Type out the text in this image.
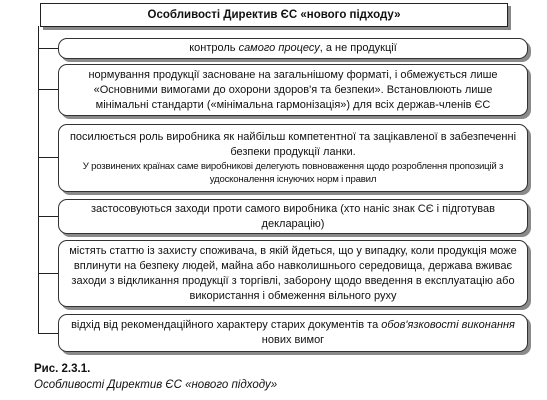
Особливості Директив ЄС «нового підходу»

контроль самого процесу, а не продукції

нормування продукції засноване на загальнішому форматі, і обмежується лише «Основними вимогами до охорони здоров'я та безпеки». Встановлюють лише мінімальні стандарти («мінімальна гармонізація») для всіх держав-членів ЄС

посилюється роль виробника як найбільш компетентної та зацікавленої в забезпеченні безпеки продукції ланки.

У розвинених країнах саме виробникові делегують повноваження щодо розроблення пропозицій з удосконалення існуючих норм і правил

застосовуються заходи проти самого виробника (хто наніс знак СЄ і підготував декларацію)

містять статтю із захисту споживача, в якій йдеться, що у випадку, коли продукція може вплинути на безпеку людей, майна або навколишнього середовища, держава вживає заходи з відкликання продукції з торгівлі, заборону щодо введення в експлуатацію або використання і обмеження вільного руху

відхід від рекомендаційного характеру старих документів та обов'язковості виконання нових вимог

Рис. 2.3.1.
Особливості Директив ЄС «нового підходу»
